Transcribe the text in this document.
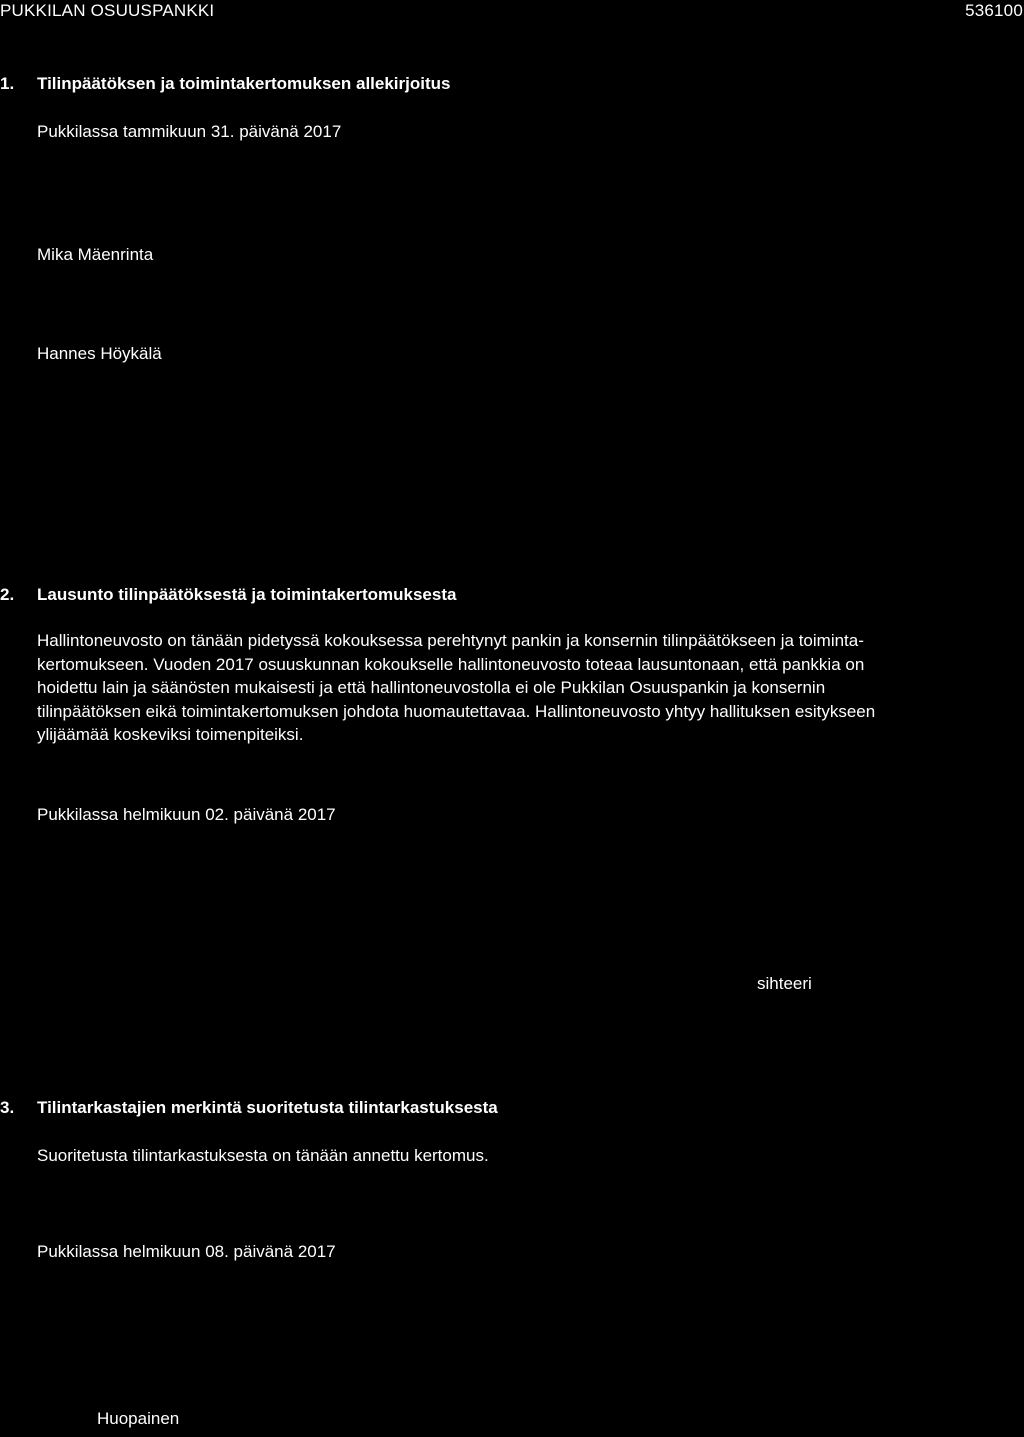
PUKKILAN OSUUSPANKKI	536100
1. Tilinpäätöksen ja toimintakertomuksen allekirjoitus
Pukkilassa tammikuun 31. päivänä 2017
Mika Mäenrinta
Hannes Höykälä
2. Lausunto tilinpäätöksestä ja toimintakertomuksesta

Hallintoneuvosto on tänään pidetyssä kokouksessa perehtynyt pankin ja konsernin tilinpäätökseen ja toiminta-

kertomukseen. Vuoden 2017 osuuskunnan kokoukselle hallintoneuvosto toteaa lausuntonaan, että pankkia on

hoidettu lain ja säänösten mukaisesti ja että hallintoneuvostolla ei ole Pukkilan Osuuspankin ja konsernin

tilinpäätöksen eikä toimintakertomuksen johdota huomautettavaa. Hallintoneuvosto yhtyy hallituksen esitykseen

ylijäämää koskeviksi toimenpiteiksi.

Pukkilassa helmikuun 02. päivänä 2017
sihteeri
3. Tilintarkastajien merkintä suoritetusta tilintarkastuksesta
Suoritetusta tilintarkastuksesta on tänään annettu kertomus.
Pukkilassa helmikuun 08. päivänä 2017
Huopainen
